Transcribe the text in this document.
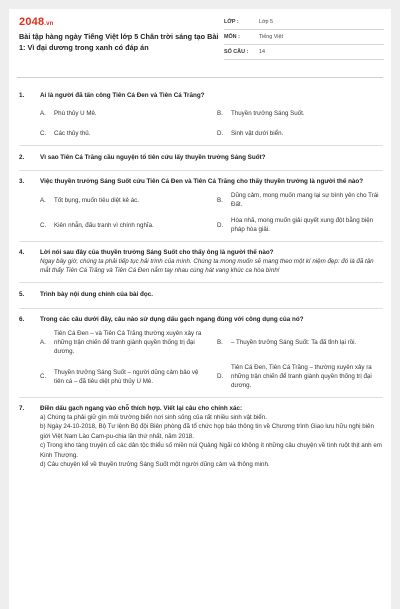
2048.vn
Bài tập hàng ngày Tiếng Việt lớp 5 Chân trời sáng tạo Bài 1: Vì đại dương trong xanh có đáp án
LỚP :	Lớp 5
MÔN :	Tiếng Việt
SỐ CÂU :	14
1.	Ai là người đã tấn công Tiên Cá Đen và Tiên Cá Trăng?
A.	Phù thủy U Mê.	B.	Thuyền trưởng Sáng Suốt.
C.	Các thủy thủ.	D.	Sinh vật dưới biển.
2.	Vì sao Tiên Cá Trăng cầu nguyện tổ tiên cứu lấy thuyền trưởng Sáng Suốt?
3.	Việc thuyền trưởng Sáng Suốt cứu Tiên Cá Đen và Tiên Cá Trăng cho thấy thuyền trưởng là người thế nào?
A.	Tốt bụng, muốn tiêu diệt kẻ ác.	B.
Dũng cảm, mong muốn mang lại sự bình yên cho Trái Đất.
C.	Kiên nhẫn, đấu tranh vì chính nghĩa.	D.
Hòa nhã, mong muốn giải quyết xung đột bằng biện pháp hòa giải.
4.	Lời nói sau đây của thuyền trưởng Sáng Suốt cho thấy ông là người thế nào?
Ngay bây giờ, chúng ta phải tiếp tục hải trình của mình. Chúng ta mong muốn sẽ mang theo một kí niệm đẹp: đó là đã tận mắt thấy Tiên Cá Trăng và Tiên Cá Đen nắm tay nhau cùng hát vang khúc ca hòa bình!
5.	Trình bày nội dung chính của bài đọc.
6.	Trong các câu dưới đây, câu nào sử dụng dấu gạch ngang đúng với công dụng của nó?
A.
Tiên Cá Đen – và Tiên Cá Trăng thường xuyên xảy ra những trận chiến để tranh giành quyền thống trị đại dương.
B.	– Thuyền trưởng Sáng Suốt: Ta đã tỉnh lại rồi.
C.
Thuyền trưởng Sáng Suốt – người dũng cảm bảo vệ tiên cá – đã tiêu diệt phù thủy U Mê.
D.
Tiên Cá Đen, Tiên Cá Trăng – thường xuyên xảy ra những trận chiến để tranh giành quyền thống trị đại dương.
7.	Điền dấu gạch ngang vào chỗ thích hợp. Viết lại câu cho chính xác:
a) Chúng ta phải giữ gìn môi trường biển nơi sinh sống của rất nhiều sinh vật biển.
b) Ngày 24-10-2018, Bộ Tư lệnh Bộ đội Biên phòng đã tổ chức họp báo thông tin về Chương trình Giao lưu hữu nghị biên giới Việt Nam Lào Cam-pu-chia lần thứ nhất, năm 2018.
c) Trong kho tàng truyện cổ các dân tộc thiểu số miền núi Quảng Ngãi có không ít những câu chuyện về tình ruột thịt anh em Kinh Thượng.
d) Câu chuyện kể về thuyền trưởng Sáng Suốt một người dũng cảm và thông minh.
